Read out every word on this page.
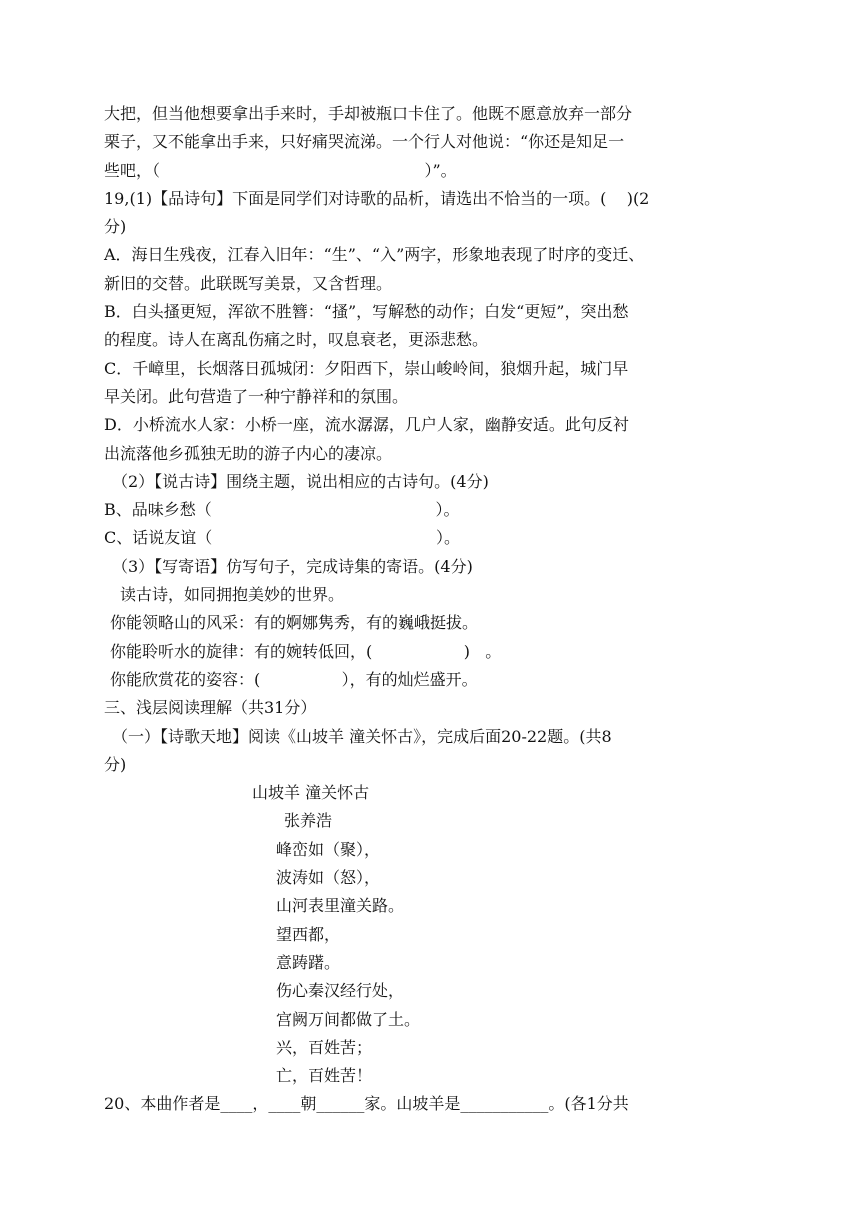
大把，但当他想要拿出手来时，手却被瓶口卡住了。他既不愿意放弃一部分

栗子，又不能拿出手来，只好痛哭流涕。一个行人对他说：“你还是知足一

些吧，（                                                    ）”。

19,(1)【品诗句】下面是同学们对诗歌的品析，请选出不恰当的一项。(    )(2

分)

A．海日生残夜，江春入旧年：“生”、“入”两字，形象地表现了时序的变迁、

新旧的交替。此联既写美景，又含哲理。

B．白头搔更短，浑欲不胜簪：“搔”，写解愁的动作；白发“更短”，突出愁

的程度。诗人在离乱伤痛之时，叹息衰老，更添悲愁。

C．千嶂里，长烟落日孤城闭：夕阳西下，崇山峻岭间，狼烟升起，城门早

早关闭。此句营造了一种宁静祥和的氛围。

D．小桥流水人家：小桥一座，流水潺潺，几户人家，幽静安适。此句反衬

出流落他乡孤独无助的游子内心的凄凉。

（2）【说古诗】围绕主题，说出相应的古诗句。(4分)

B、品味乡愁（                                            ）。

C、话说友谊（                                            ）。

（3）【写寄语】仿写句子，完成诗集的寄语。(4分)

读古诗，如同拥抱美妙的世界。

你能领略山的风采：有的婀娜隽秀，有的巍峨挺拔。

你能聆听水的旋律：有的婉转低回，(                  )   。

你能欣赏花的姿容：(                ），有的灿烂盛开。

三、浅层阅读理解（共31分）

（一）【诗歌天地】阅读《山坡羊 潼关怀古》，完成后面20-22题。(共8

分)

山坡羊 潼关怀古

张养浩

峰峦如（聚），

波涛如（怒），

山河表里潼关路。

望西都，

意踌躇。

伤心秦汉经行处，

宫阙万间都做了土。

兴，百姓苦；

亡，百姓苦！

20、本曲作者是____，____朝______家。山坡羊是___________。(各1分共
